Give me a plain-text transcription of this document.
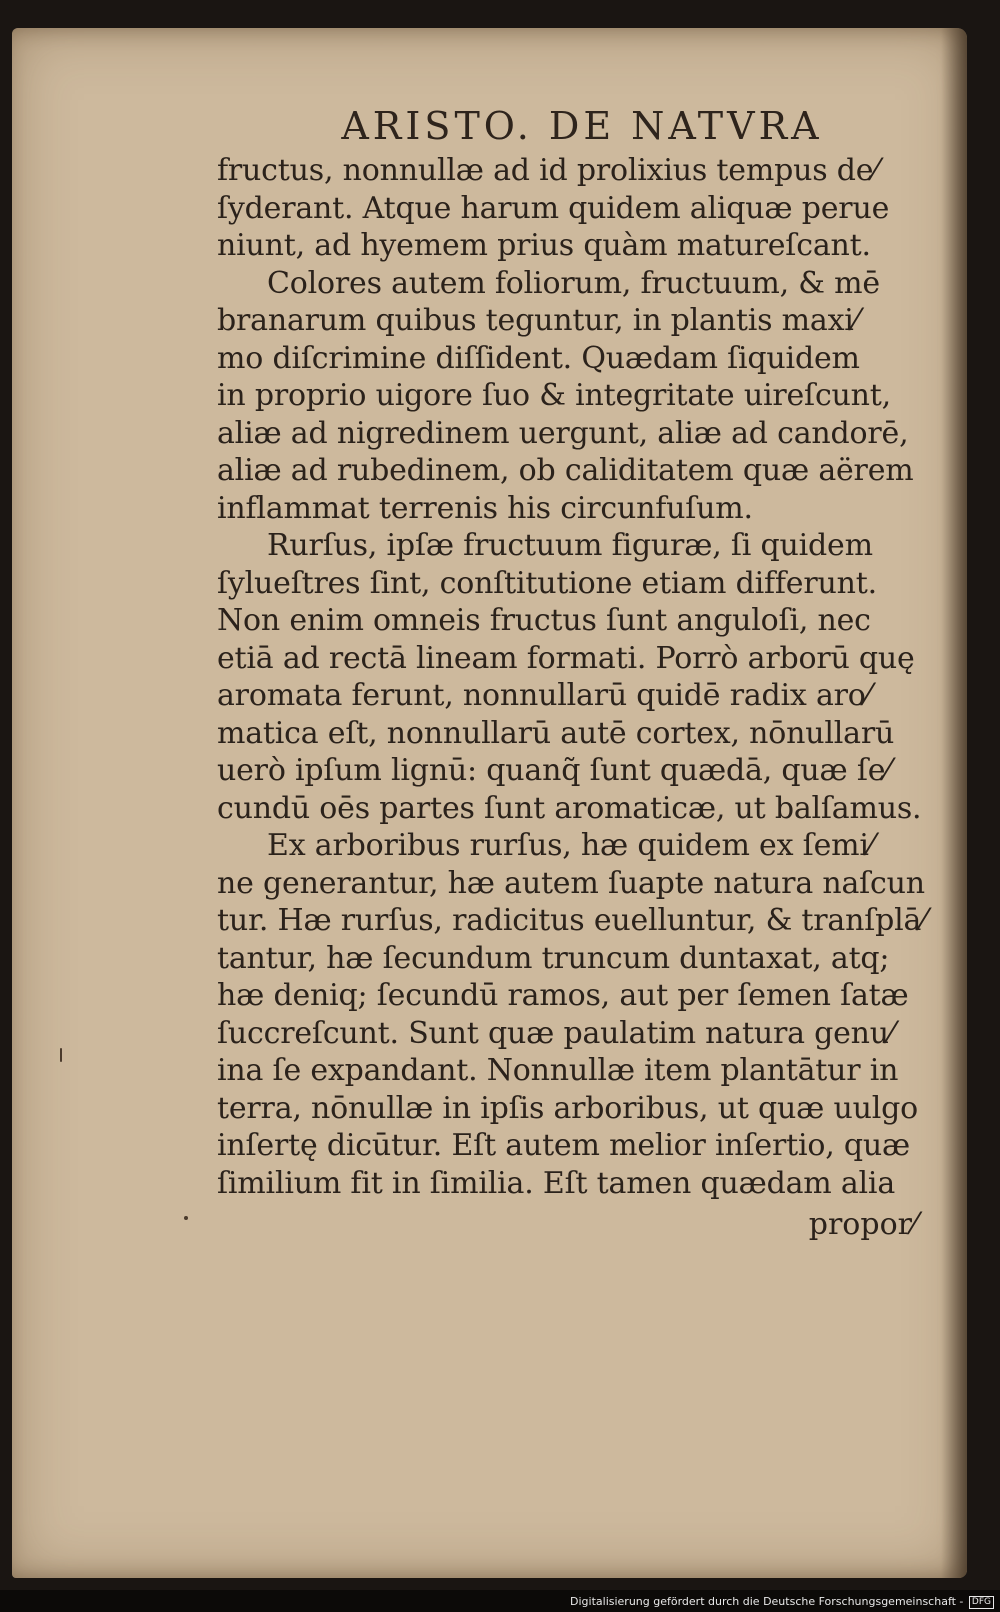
ARISTO. DE NATVRA
fructus, nonnullæ ad id prolixius tempus de⁄
ſyderant. Atque harum quidem aliquæ perue
niunt, ad hyemem prius quàm matureſcant.
Colores autem foliorum, fructuum, & mē
branarum quibus teguntur, in plantis maxi⁄
mo diſcrimine diſſident. Quædam ſiquidem
in proprio uigore ſuo & integritate uireſcunt,
aliæ ad nigredinem uergunt, aliæ ad candorē,
aliæ ad rubedinem, ob caliditatem quæ aërem
inflammat terrenis his circunfuſum.
Rurſus, ipſæ fructuum figuræ, ſi quidem
ſylueſtres ſint, conſtitutione etiam differunt.
Non enim omneis fructus ſunt anguloſi, nec
etiā ad rectā lineam formati. Porrò arborū quę
aromata ferunt, nonnullarū quidē radix aro⁄
matica eſt, nonnullarū autē cortex, nōnullarū
uerò ipſum lignū: quanq̃ ſunt quædā, quæ ſe⁄
cundū oēs partes ſunt aromaticæ, ut balſamus.
Ex arboribus rurſus, hæ quidem ex ſemi⁄
ne generantur, hæ autem ſuapte natura naſcun
tur. Hæ rurſus, radicitus euelluntur, & tranſplā⁄
tantur, hæ ſecundum truncum duntaxat, atq;
hæ deniq; ſecundū ramos, aut per ſemen ſatæ
ſuccreſcunt. Sunt quæ paulatim natura genu⁄
ina ſe expandant. Nonnullæ item plantātur in
terra, nōnullæ in ipſis arboribus, ut quæ uulgo
inſertę dicūtur. Eſt autem melior inſertio, quæ
ſimilium fit in ſimilia. Eſt tamen quædam alia
propor⁄
Digitalisierung gefördert durch die Deutsche Forschungsgemeinschaft - DFG
